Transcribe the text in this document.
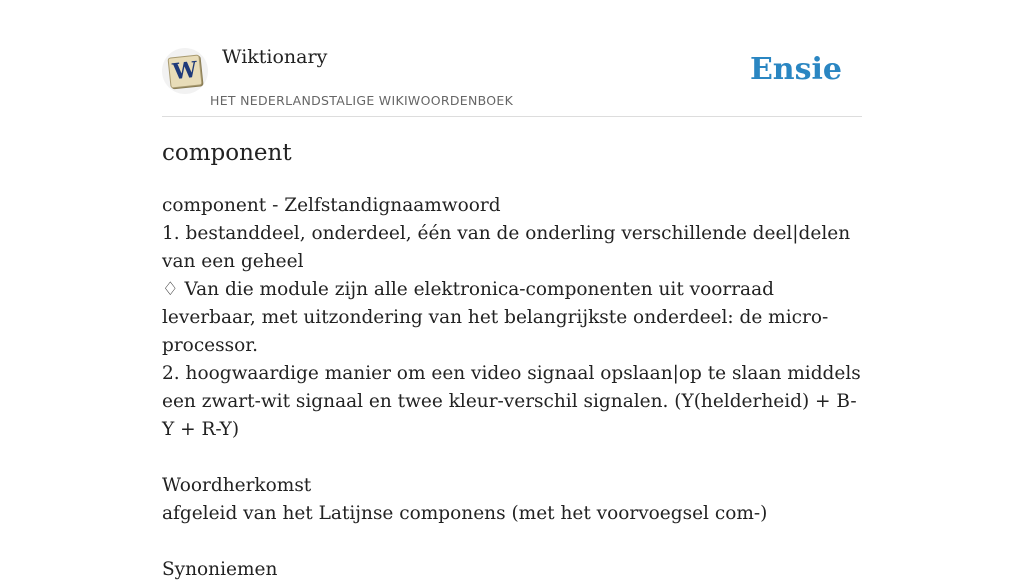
W Wiktionary
HET NEDERLANDSTALIGE WIKIWOORDENBOEK
Ensie
component

component - Zelfstandignaamwoord

1. bestanddeel, onderdeel, één van de onderling verschillende deel|delen van een geheel

♢ Van die module zijn alle elektronica-componenten uit voorraad leverbaar, met uitzondering van het belangrijkste onderdeel: de micro-processor.

2. hoogwaardige manier om een video signaal opslaan|op te slaan middels een zwart-wit signaal en twee kleur-verschil signalen. (Y(helderheid) + B-Y + R-Y)

Woordherkomst

afgeleid van het Latijnse componens (met het voorvoegsel com-)

Synoniemen
